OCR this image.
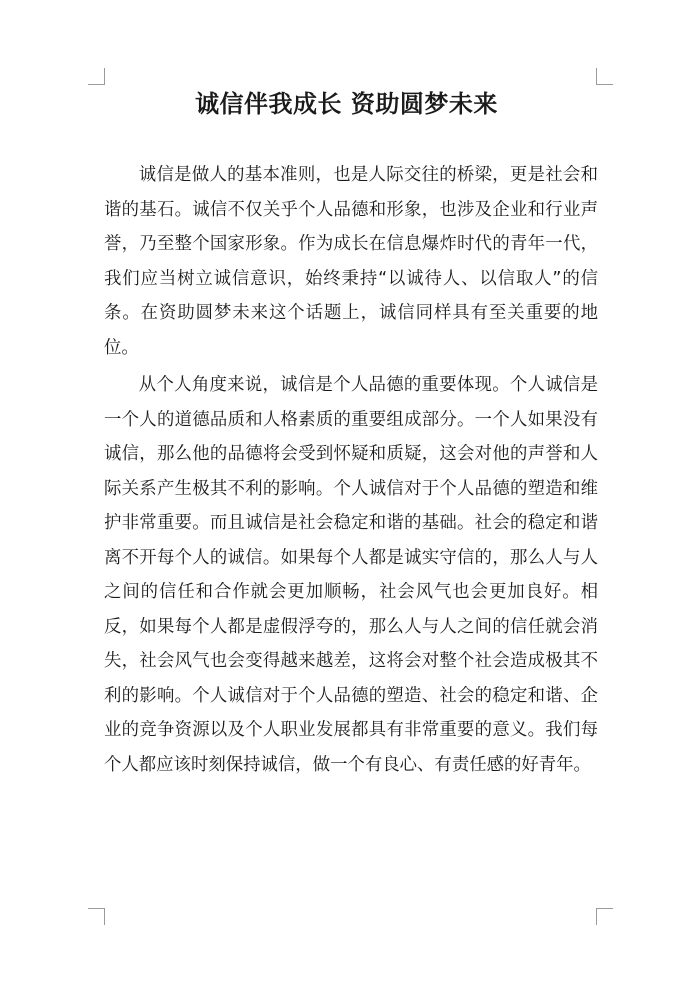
诚信伴我成长 资助圆梦未来

诚信是做人的基本准则，也是人际交往的桥梁，更是社会和谐的基石。诚信不仅关乎个人品德和形象，也涉及企业和行业声誉，乃至整个国家形象。作为成长在信息爆炸时代的青年一代，我们应当树立诚信意识，始终秉持“以诚待人、以信取人”的信条。在资助圆梦未来这个话题上，诚信同样具有至关重要的地位。

从个人角度来说，诚信是个人品德的重要体现。个人诚信是一个人的道德品质和人格素质的重要组成部分。一个人如果没有诚信，那么他的品德将会受到怀疑和质疑，这会对他的声誉和人际关系产生极其不利的影响。个人诚信对于个人品德的塑造和维护非常重要。而且诚信是社会稳定和谐的基础。社会的稳定和谐离不开每个人的诚信。如果每个人都是诚实守信的，那么人与人之间的信任和合作就会更加顺畅，社会风气也会更加良好。相反，如果每个人都是虚假浮夸的，那么人与人之间的信任就会消失，社会风气也会变得越来越差，这将会对整个社会造成极其不利的影响。个人诚信对于个人品德的塑造、社会的稳定和谐、企业的竞争资源以及个人职业发展都具有非常重要的意义。我们每个人都应该时刻保持诚信，做一个有良心、有责任感的好青年。
